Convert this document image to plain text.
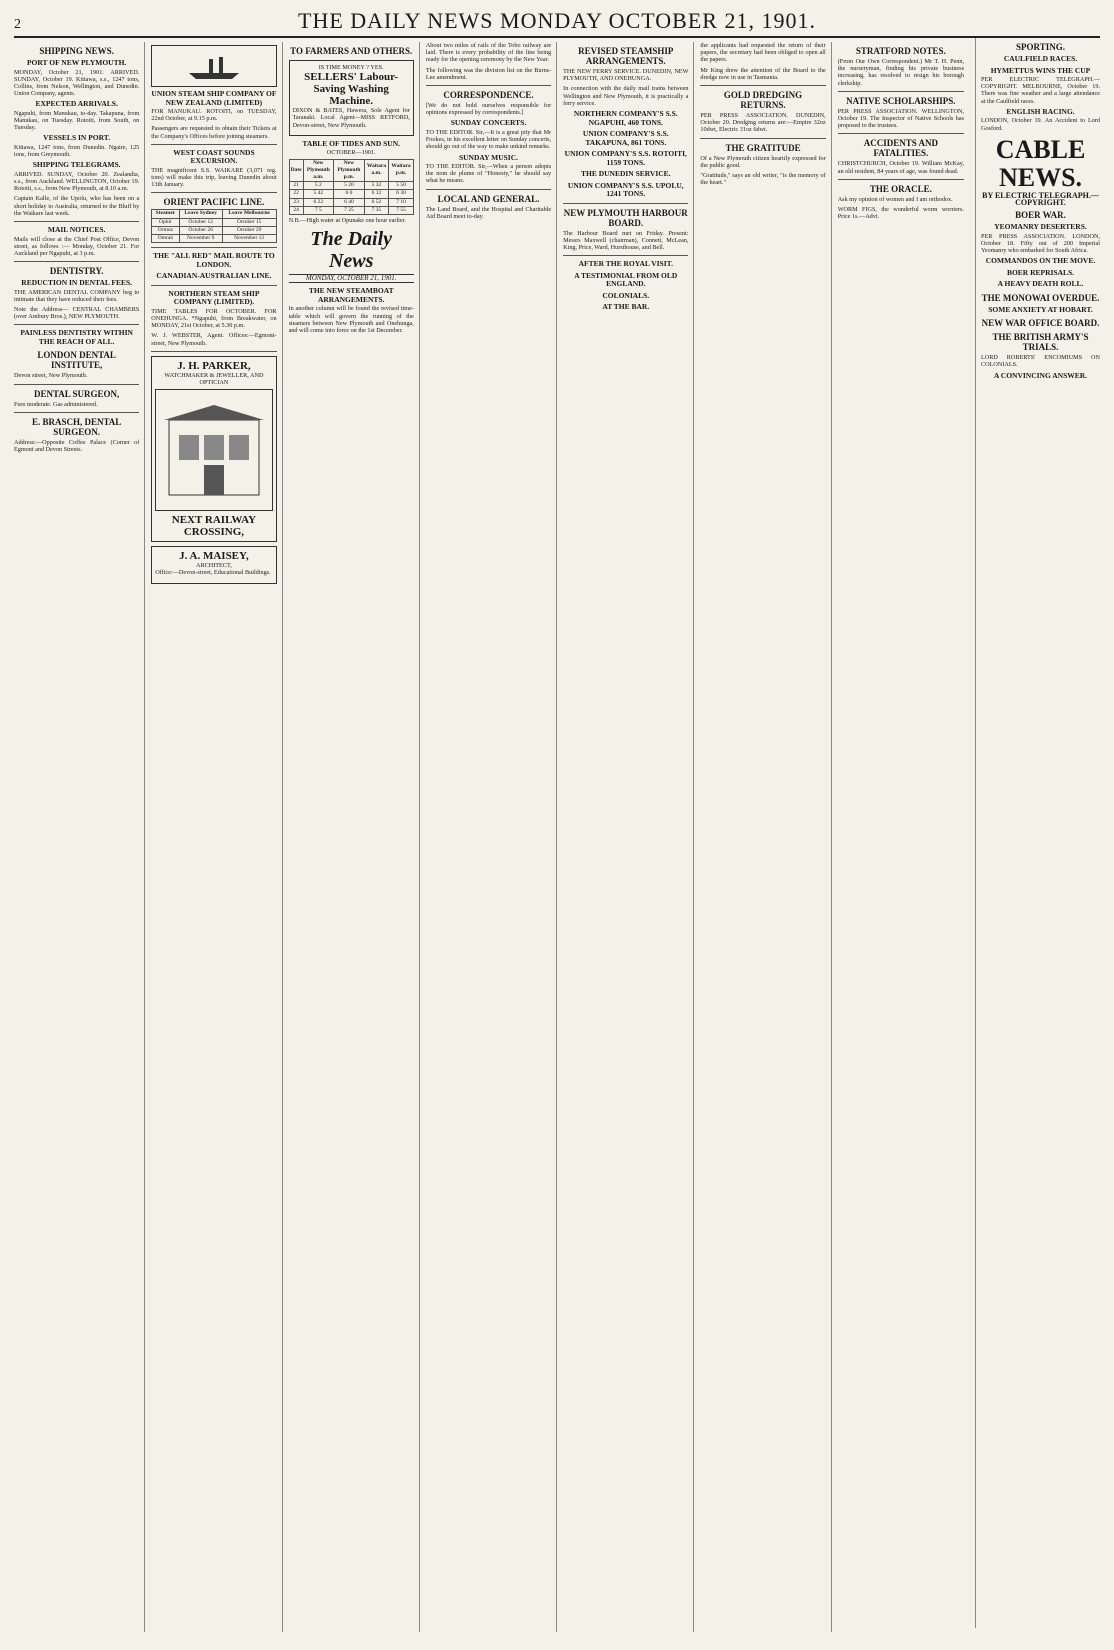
2	THE DAILY NEWS MONDAY OCTOBER 21, 1901.
SHIPPING NEWS.
PORT OF NEW PLYMOUTH.

MONDAY, October 21, 1901. ARRIVED. SUNDAY, October 19. Kittawa, s.s., 1247 tons, Collins, from Nelson, Wellington, and Dunedin. Union Company, agents.

EXPECTED ARRIVALS.

Ngapuhi, from Manukau, to-day. Takapuna, from Manukau, on Tuesday. Rotoiti, from South, on Tuesday.

VESSELS IN PORT.

Kittawa, 1247 tons, from Dunedin. Ngaire, 125 tons, from Greymouth.

SHIPPING TELEGRAMS.

ARRIVED. SUNDAY, October 20. Zealandia, s.s., from Auckland. WELLINGTON, October 19. Rotoiti, s.s., from New Plymouth, at 8.10 a.m.

Captain Kalle, of the Upolu, who has been on a short holiday to Australia, returned to the Bluff by the Waikare last week.

MAIL NOTICES.

Mails will close at the Chief Post Office, Devon street, as follows :— Monday, October 21. For Auckland per Ngapuhi, at 3 p.m.

DENTISTRY.
REDUCTION IN DENTAL FEES.

THE AMERICAN DENTAL COMPANY beg to intimate that they have reduced their fees.

Note the Address— CENTRAL CHAMBERS (over Ambury Bros.), NEW PLYMOUTH.

PAINLESS DENTISTRY WITHIN THE REACH OF ALL.
LONDON DENTAL INSTITUTE,

Devon street, New Plymouth.

DENTAL SURGEON,

Fees moderate. Gas administered.

E. BRASCH, DENTAL SURGEON.

Address:—Opposite Coffee Palace (Corner of Egmont and Devon Streets.

UNION STEAM SHIP COMPANY OF NEW ZEALAND (LIMITED)

FOR MANUKAU. ROTOITI, on TUESDAY, 22nd October, at 9.15 p.m.

Passengers are requested to obtain their Tickets at the Company's Offices before joining steamers.

WEST COAST SOUNDS EXCURSION.

THE magnificent S.S. WAIKARE (3,071 reg. tons) will make this trip, leaving Dunedin about 13th January.

ORIENT PACIFIC LINE.
Steamer	Leave Sydney	Leave Melbourne
Ophir	October 12	October 15
Ormuz	October 26	October 29
Omrah	November 9	November 12
THE "ALL RED" MAIL ROUTE TO LONDON.
CANADIAN-AUSTRALIAN LINE.
NORTHERN STEAM SHIP COMPANY (LIMITED).

TIME TABLES FOR OCTOBER. FOR ONEHUNGA. *Ngapuhi, from Breakwater, on MONDAY, 21st October, at 5.30 p.m.

W. J. WEBSTER, Agent. Offices:—Egmont-street, New Plymouth.

J. H. PARKER,
WATCHMAKER & JEWELLER, AND OPTICIAN
NEXT RAILWAY CROSSING,
J. A. MAISEY,
ARCHITECT,

Office:—Devon-street, Educational Buildings.

TO FARMERS AND OTHERS.
IS TIME MONEY ? YES.
SELLERS' Labour-Saving Washing Machine.

DIXON & BATES, Hawera, Sole Agent for Taranaki. Local Agent—MISS RETFORD, Devon-street, New Plymouth.

TABLE OF TIDES AND SUN.
OCTOBER—1901.
Date	New Plymouth a.m.	New Plymouth p.m.	Waitara a.m.	Waitara p.m.
21	5 2	5 20	5 32	5 50
22	5 42	6 0	6 12	6 30
23	6 22	6 40	6 52	7 10
24	7 5	7 25	7 35	7 55

N.B.—High water at Opunake one hour earlier.

The Daily News
MONDAY, OCTOBER 21, 1901.
THE NEW STEAMBOAT ARRANGEMENTS.

In another column will be found the revised time-table which will govern the running of the steamers between New Plymouth and Onehunga, and will come into force on the 1st December.

About two miles of rails of the Tobo railway are laid. There is every probability of the line being ready for the opening ceremony by the New Year.

The following was the division list on the Burns-Lee amendment.

CORRESPONDENCE.

[We do not hold ourselves responsible for opinions expressed by correspondents.]

SUNDAY CONCERTS.

TO THE EDITOR. Sir,—It is a great pity that Mr Fookes, in his excellent letter on Sunday concerts, should go out of the way to make unkind remarks.

SUNDAY MUSIC.

TO THE EDITOR. Sir,—When a person adopts the nom de plume of "Honesty," he should say what he means.

LOCAL AND GENERAL.

The Land Board, and the Hospital and Charitable Aid Board meet to-day.

REVISED STEAMSHIP ARRANGEMENTS.

THE NEW FERRY SERVICE. DUNEDIN, NEW PLYMOUTH, AND ONEHUNGA.

In connection with the daily mail trains between Wellington and New Plymouth, it is practically a ferry service.

NORTHERN COMPANY'S S.S. NGAPUHI, 460 TONS.
UNION COMPANY'S S.S. TAKAPUNA, 861 TONS.
UNION COMPANY'S S.S. ROTOITI, 1159 TONS.
THE DUNEDIN SERVICE.
UNION COMPANY'S S.S. UPOLU, 1241 TONS.
NEW PLYMOUTH HARBOUR BOARD.

The Harbour Board met on Friday. Present: Messrs Maxwell (chairman), Connett, McLean, King, Price, Ward, Hursthouse, and Bell.

AFTER THE ROYAL VISIT.
A TESTIMONIAL FROM OLD ENGLAND.
COLONIALS.
AT THE BAR.

the applicants had requested the return of their papers, the secretary had been obliged to open all the papers.

Mr King drew the attention of the Board to the dredge now in use in Tasmania.

GOLD DREDGING RETURNS.

PER PRESS ASSOCIATION. DUNEDIN, October 20. Dredging returns are:—Empire 32oz 10dwt, Electric 31oz 6dwt.

THE GRATITUDE

Of a New Plymouth citizen heartily expressed for the public good.

"Gratitude," says an old writer, "is the memory of the heart."

STRATFORD NOTES.

(From Our Own Correspondent.) Mr T. H. Penn, the nurseryman, finding his private business increasing, has resolved to resign his borough clerkship.

NATIVE SCHOLARSHIPS.

PER PRESS ASSOCIATION. WELLINGTON, October 19. The Inspector of Native Schools has proposed to the trustees.

ACCIDENTS AND FATALITIES.

CHRISTCHURCH, October 19. William McKay, an old resident, 84 years of age, was found dead.

THE ORACLE.

Ask my opinion of women and I am orthodox.

WORM FIGS, the wonderful worm worriers. Price 1s.—Advt.

SPORTING.
CAULFIELD RACES.
HYMETTUS WINS THE CUP

PER ELECTRIC TELEGRAPH.—COPYRIGHT. MELBOURNE, October 19. There was fine weather and a large attendance at the Caulfield races.

ENGLISH RACING.

LONDON, October 19. An Accident to Lord Gosford.

CABLE NEWS.
BY ELECTRIC TELEGRAPH.—COPYRIGHT.
BOER WAR.
YEOMANRY DESERTERS.

PER PRESS ASSOCIATION. LONDON, October 18. Fifty out of 200 Imperial Yeomanry who embarked for South Africa.

COMMANDOS ON THE MOVE.
BOER REPRISALS.
A HEAVY DEATH ROLL.
THE MONOWAI OVERDUE.
SOME ANXIETY AT HOBART.
NEW WAR OFFICE BOARD.
THE BRITISH ARMY'S TRIALS.

LORD ROBERTS' ENCOMIUMS ON COLONIALS.

A CONVINCING ANSWER.
